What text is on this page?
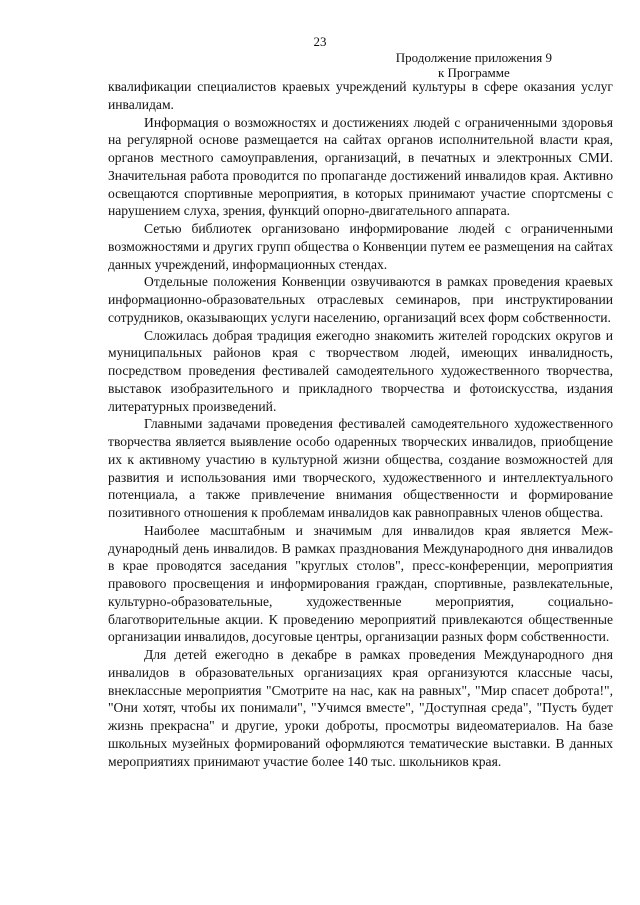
23
Продолжение приложения 9
к Программе

квалификации специалистов краевых учреждений культуры в сфере оказания услуг инвалидам.

Информация о возможностях и достижениях людей с ограниченными здоровья на регулярной основе размещается на сайтах органов исполнительной власти края, органов местного самоуправления, организаций, в печатных и электронных СМИ. Значительная работа проводится по пропаганде достижений инвалидов края. Активно освещаются спортивные мероприятия, в которых принимают участие спортсмены с нарушением слуха, зрения, функций опорно-двигательного аппарата.

Сетью библиотек организовано информирование людей с ограниченными возможностями и других групп общества о Конвенции путем ее размещения на сайтах данных учреждений, информационных стендах.

Отдельные положения Конвенции озвучиваются в рамках проведения краевых информационно-образовательных отраслевых семинаров, при инструктировании сотрудников, оказывающих услуги населению, организаций всех форм собственности.

Сложилась добрая традиция ежегодно знакомить жителей городских округов и муниципальных районов края с творчеством людей, имеющих инвалидность, посредством проведения фестивалей самодеятельного художественного творчества, выставок изобразительного и прикладного творчества и фотоискусства, издания литературных произведений.

Главными задачами проведения фестивалей самодеятельного художественного творчества является выявление особо одаренных творческих инвалидов, приобщение их к активному участию в культурной жизни общества, создание возможностей для развития и использования ими творческого, художественного и интеллектуального потенциала, а также привлечение внимания общественности и формирование позитивного отношения к проблемам инвалидов как равноправных членов общества.

Наиболее масштабным и значимым для инвалидов края является Международный день инвалидов. В рамках празднования Международного дня инвалидов в крае проводятся заседания "круглых столов", пресс-конференции, мероприятия правового просвещения и информирования граждан, спортивные, развлекательные, культурно-образовательные, художественные мероприятия, социально-благотворительные акции. К проведению мероприятий привлекаются общественные организации инвалидов, досуговые центры, организации разных форм собственности.

Для детей ежегодно в декабре в рамках проведения Международного дня инвалидов в образовательных организациях края организуются классные часы, внеклассные мероприятия "Смотрите на нас, как на равных", "Мир спасет доброта!", "Они хотят, чтобы их понимали", "Учимся вместе", "Доступная среда", "Пусть будет жизнь прекрасна" и другие, уроки доброты, просмотры видеоматериалов. На базе школьных музейных формирований оформляются тематические выставки. В данных мероприятиях принимают участие более 140 тыс. школьников края.
